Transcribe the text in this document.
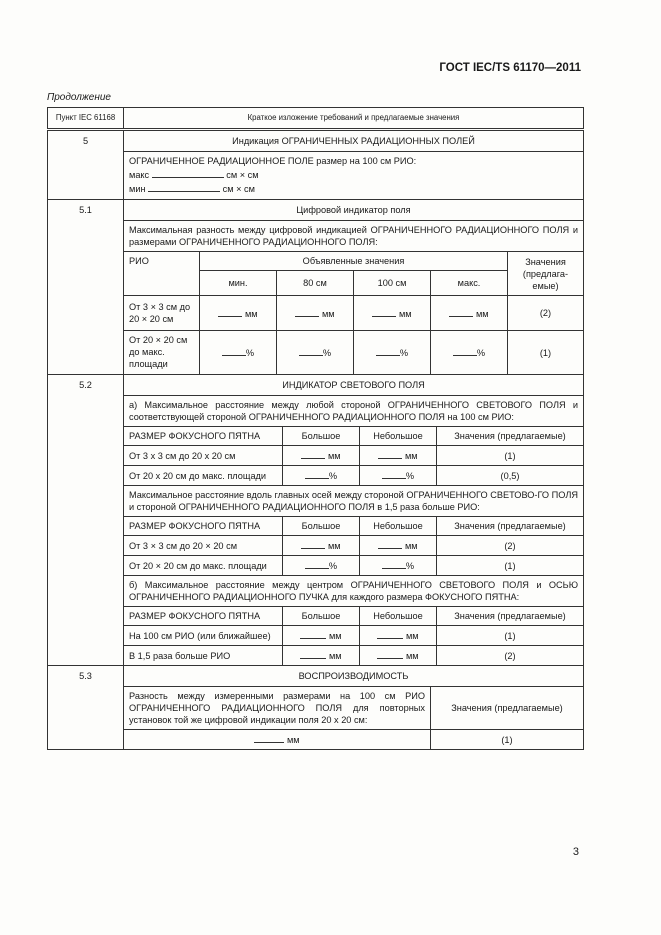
ГОСТ IEC/TS 61170—2011
Продолжение
Пункт IEC 61168	Краткое изложение требований и предлагаемые значения
5	Индикация ОГРАНИЧЕННЫХ РАДИАЦИОННЫХ ПОЛЕЙ
ОГРАНИЧЕННОЕ РАДИАЦИОННОЕ ПОЛЕ размер на 100 см РИО:
макс	см × см
мин	см × см

5.1	Цифровой индикатор поля
Максимальная разность между цифровой индикацией ОГРАНИЧЕННОГО РАДИАЦИОННОГО ПОЛЯ и размерами ОГРАНИЧЕННОГО РАДИАЦИОННОГО ПОЛЯ:
РИО	Объявленные значения	Значения (предлага-емые)
мин.	80 см	100 см	макс.
От 3 × 3 см до 20 × 20 см	мм	мм	мм	мм	(2)
От 20 × 20 см до макс. площади	%	%	%	%	(1)

5.2	ИНДИКАТОР СВЕТОВОГО ПОЛЯ
а) Максимальное расстояние между любой стороной ОГРАНИЧЕННОГО СВЕТОВОГО ПОЛЯ и соответствующей стороной ОГРАНИЧЕННОГО РАДИАЦИОННОГО ПОЛЯ на 100 см РИО:
РАЗМЕР ФОКУСНОГО ПЯТНА	Большое	Небольшое	Значения (предлагаемые)
От 3 х 3 см до 20 х 20 см	мм	мм	(1)
От 20 х 20 см до макс. площади	%	%	(0,5)
Максимальное расстояние вдоль главных осей между стороной ОГРАНИЧЕННОГО СВЕТОВО-ГО ПОЛЯ и стороной ОГРАНИЧЕННОГО РАДИАЦИОННОГО ПОЛЯ в 1,5 раза больше РИО:
РАЗМЕР ФОКУСНОГО ПЯТНА	Большое	Небольшое	Значения (предлагаемые)
От 3 × 3 см до 20 × 20 см	мм	мм	(2)
От 20 × 20 см до макс. площади	%	%	(1)
б) Максимальное расстояние между центром ОГРАНИЧЕННОГО СВЕТОВОГО ПОЛЯ и ОСЬЮ ОГРАНИЧЕННОГО РАДИАЦИОННОГО ПУЧКА для каждого размера ФОКУСНОГО ПЯТНА:
РАЗМЕР ФОКУСНОГО ПЯТНА	Большое	Небольшое	Значения (предлагаемые)
На 100 см РИО (или ближайшее)	мм	мм	(1)
В 1,5 раза больше РИО	мм	мм	(2)

5.3	ВОСПРОИЗВОДИМОСТЬ
Разность между измеренными размерами на 100 см РИО ОГРАНИЧЕННОГО РАДИАЦИОННОГО ПОЛЯ для повторных установок той же цифровой индикации поля 20 х 20 см:	Значения (предлагаемые)
мм	(1)
3
